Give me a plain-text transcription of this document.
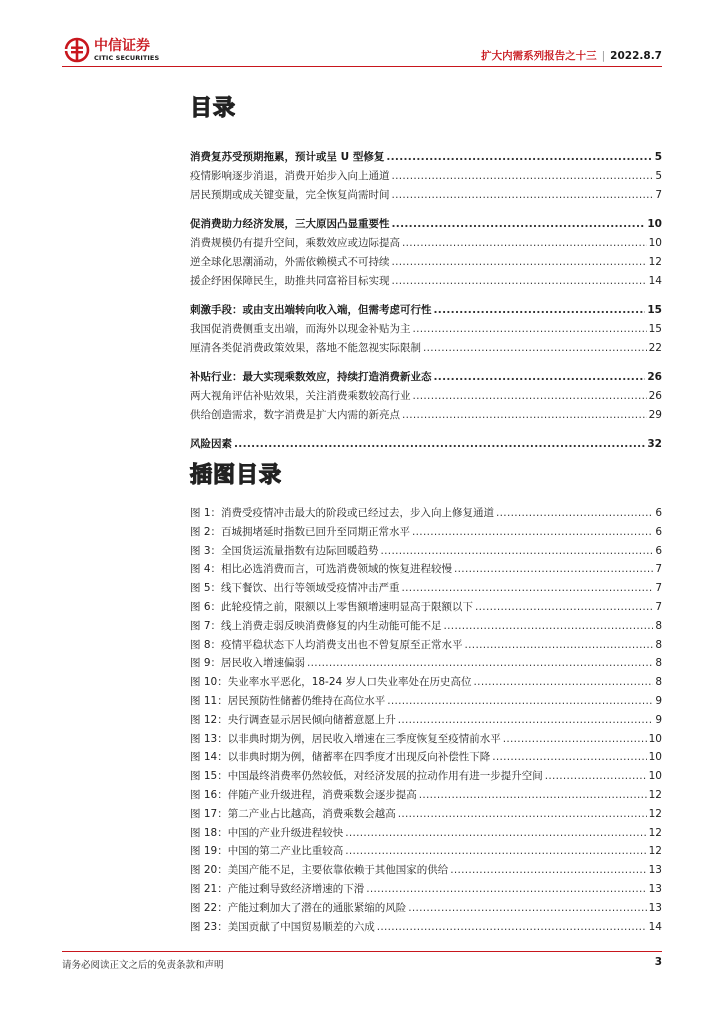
中信证券
CITIC SECURITIES	扩大内需系列报告之十三 | 2022.8.7
目录
消费复苏受预期拖累，预计或呈 U 型修复 .....	5
疫情影响逐步消退，消费开始步入向上通道 .....	5
居民预期或成关键变量，完全恢复尚需时间 .....	7
促消费助力经济发展，三大原因凸显重要性 .....	10
消费规模仍有提升空间，乘数效应或边际提高 .....	10
逆全球化思潮涌动，外需依赖模式不可持续 .....	12
援企纾困保障民生，助推共同富裕目标实现 .....	14
刺激手段：或由支出端转向收入端，但需考虑可行性 .....	15
我国促消费侧重支出端，而海外以现金补贴为主 .....	15
厘清各类促消费政策效果，落地不能忽视实际限制 .....	22
补贴行业：最大实现乘数效应，持续打造消费新业态 .....	26
两大视角评估补贴效果，关注消费乘数较高行业 .....	26
供给创造需求，数字消费是扩大内需的新亮点 .....	29
风险因素 .....	32
插图目录
图 1：消费受疫情冲击最大的阶段或已经过去，步入向上修复通道 .....	6
图 2：百城拥堵延时指数已回升至同期正常水平 .....	6
图 3：全国货运流量指数有边际回暖趋势 .....	6
图 4：相比必选消费而言，可选消费领域的恢复进程较慢 .....	7
图 5：线下餐饮、出行等领域受疫情冲击严重 .....	7
图 6：此轮疫情之前，限额以上零售额增速明显高于限额以下 .....	7
图 7：线上消费走弱反映消费修复的内生动能可能不足 .....	8
图 8：疫情平稳状态下人均消费支出也不曾复原至正常水平 .....	8
图 9：居民收入增速偏弱 .....	8
图 10：失业率水平恶化，18-24 岁人口失业率处在历史高位 .....	8
图 11：居民预防性储蓄仍维持在高位水平 .....	9
图 12：央行调查显示居民倾向储蓄意愿上升 .....	9
图 13：以非典时期为例，居民收入增速在三季度恢复至疫情前水平 .....	10
图 14：以非典时期为例，储蓄率在四季度才出现反向补偿性下降 .....	10
图 15：中国最终消费率仍然较低，对经济发展的拉动作用有进一步提升空间 .....	10
图 16：伴随产业升级进程，消费乘数会逐步提高 .....	12
图 17：第二产业占比越高，消费乘数会越高 .....	12
图 18：中国的产业升级进程较快 .....	12
图 19：中国的第二产业比重较高 .....	12
图 20：美国产能不足，主要依靠依赖于其他国家的供给 .....	13
图 21：产能过剩导致经济增速的下滑 .....	13
图 22：产能过剩加大了潜在的通胀紧缩的风险 .....	13
图 23：美国贡献了中国贸易顺差的六成 .....	14
请务必阅读正文之后的免责条款和声明	3
